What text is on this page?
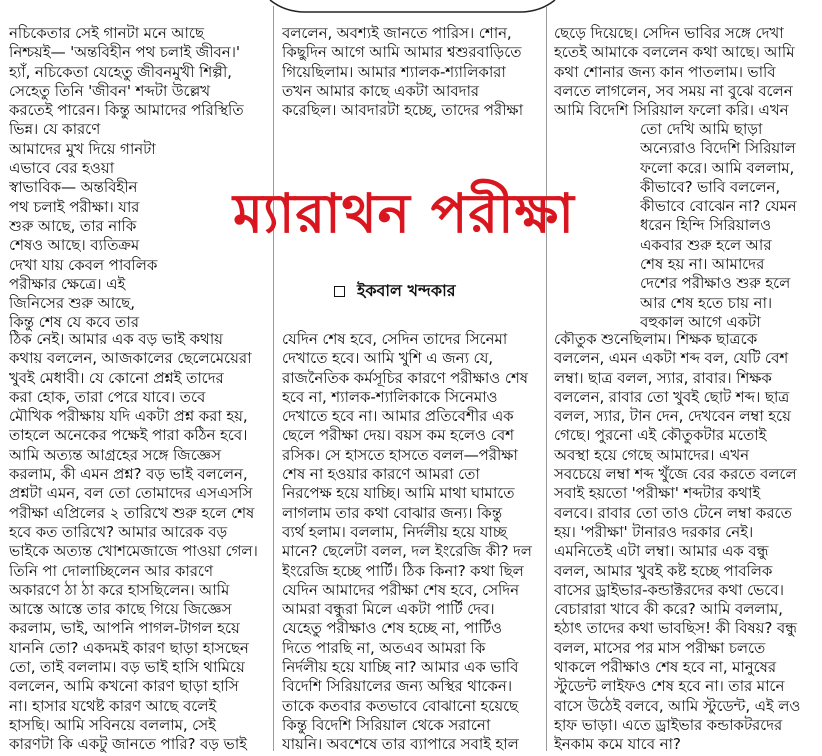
নচিকেতার সেই গানটা মনে আছে
নিশ্চয়ই— 'অন্তবিহীন পথ চলাই জীবন।'
হ্যাঁ, নচিকেতা যেহেতু জীবনমুখী শিল্পী,
সেহেতু তিনি 'জীবন' শব্দটা উল্লেখ
করতেই পারেন। কিন্তু আমাদের পরিস্থিতি
ভিন্ন। যে কারণে
আমাদের মুখ দিয়ে গানটা
এভাবে বের হওয়া
স্বাভাবিক— অন্তবিহীন
পথ চলাই পরীক্ষা। যার
শুরু আছে, তার নাকি
শেষও আছে। ব্যতিক্রম
দেখা যায় কেবল পাবলিক
পরীক্ষার ক্ষেত্রে। এই
জিনিসের শুরু আছে,
কিন্তু শেষ যে কবে তার
ঠিক নেই। আমার এক বড় ভাই কথায়
কথায় বললেন, আজকালের ছেলেমেয়েরা
খুবই মেধাবী। যে কোনো প্রশ্নই তাদের
করা হোক, তারা পেরে যাবে। তবে
মৌখিক পরীক্ষায় যদি একটা প্রশ্ন করা হয়,
তাহলে অনেকের পক্ষেই পারা কঠিন হবে।
আমি অত্যন্ত আগ্রহের সঙ্গে জিজ্ঞেস
করলাম, কী এমন প্রশ্ন? বড় ভাই বললেন,
প্রশ্নটা এমন, বল তো তোমাদের এসএসসি
পরীক্ষা এপ্রিলের ২ তারিখে শুরু হলে শেষ
হবে কত তারিখে? আমার আরেক বড়
ভাইকে অত্যন্ত খোশমেজাজে পাওয়া গেল।
তিনি পা দোলাচ্ছিলেন আর কারণে
অকারণে ঠা ঠা করে হাসছিলেন। আমি
আস্তে আস্তে তার কাছে গিয়ে জিজ্ঞেস
করলাম, ভাই, আপনি পাগল-টাগল হয়ে
যাননি তো? একদমই কারণ ছাড়া হাসছেন
তো, তাই বললাম। বড় ভাই হাসি থামিয়ে
বললেন, আমি কখনো কারণ ছাড়া হাসি
না। হাসার যথেষ্ট কারণ আছে বলেই
হাসছি। আমি সবিনয়ে বললাম, সেই
কারণটা কি একটু জানতে পারি? বড় ভাই
বললেন, অবশ্যই জানতে পারিস। শোন,
কিছুদিন আগে আমি আমার শ্বশুরবাড়িতে
গিয়েছিলাম। আমার শ্যালক-শ্যালিকারা
তখন আমার কাছে একটা আবদার
করেছিল। আবদারটা হচ্ছে, তাদের পরীক্ষা
যেদিন শেষ হবে, সেদিন তাদের সিনেমা
দেখাতে হবে। আমি খুশি এ জন্য যে,
রাজনৈতিক কর্মসূচির কারণে পরীক্ষাও শেষ
হবে না, শ্যালক-শ্যালিকাকে সিনেমাও
দেখাতে হবে না। আমার প্রতিবেশীর এক
ছেলে পরীক্ষা দেয়। বয়স কম হলেও বেশ
রসিক। সে হাসতে হাসতে বলল—পরীক্ষা
শেষ না হওয়ার কারণে আমরা তো
নিরপেক্ষ হয়ে যাচ্ছি। আমি মাথা ঘামাতে
লাগলাম তার কথা বোঝার জন্য। কিন্তু
ব্যর্থ হলাম। বললাম, নির্দলীয় হয়ে যাচ্ছ
মানে? ছেলেটা বলল, দল ইংরেজি কী? দল
ইংরেজি হচ্ছে পার্টি। ঠিক কিনা? কথা ছিল
যেদিন আমাদের পরীক্ষা শেষ হবে, সেদিন
আমরা বন্ধুরা মিলে একটা পার্টি দেব।
যেহেতু পরীক্ষাও শেষ হচ্ছে না, পার্টিও
দিতে পারছি না, অতএব আমরা কি
নির্দলীয় হয়ে যাচ্ছি না? আমার এক ভাবি
বিদেশি সিরিয়ালের জন্য অস্থির থাকেন।
তাকে কতবার কতভাবে বোঝানো হয়েছে
কিন্তু বিদেশি সিরিয়াল থেকে সরানো
যায়নি। অবশেষে তার ব্যাপারে সবাই হাল
ছেড়ে দিয়েছে। সেদিন ভাবির সঙ্গে দেখা
হতেই আমাকে বললেন কথা আছে। আমি
কথা শোনার জন্য কান পাতলাম। ভাবি
বলতে লাগলেন, সব সময় না বুঝে বলেন
আমি বিদেশি সিরিয়াল ফলো করি। এখন
তো দেখি আমি ছাড়া
অন্যেরাও বিদেশি সিরিয়াল
ফলো করে। আমি বললাম,
কীভাবে? ভাবি বললেন,
কীভাবে বোঝেন না? যেমন
ধরেন হিন্দি সিরিয়ালও
একবার শুরু হলে আর
শেষ হয় না। আমাদের
দেশের পরীক্ষাও শুরু হলে
আর শেষ হতে চায় না।
বহুকাল আগে একটা
কৌতুক শুনেছিলাম। শিক্ষক ছাত্রকে
বললেন, এমন একটা শব্দ বল, যেটি বেশ
লম্বা। ছাত্র বলল, স্যার, রাবার। শিক্ষক
বললেন, রাবার তো খুবই ছোট শব্দ। ছাত্র
বলল, স্যার, টান দেন, দেখবেন লম্বা হয়ে
গেছে। পুরনো এই কৌতুকটার মতোই
অবস্থা হয়ে গেছে আমাদের। এখন
সবচেয়ে লম্বা শব্দ খুঁজে বের করতে বললে
সবাই হয়তো 'পরীক্ষা' শব্দটার কথাই
বলবে। রাবার তো তাও টেনে লম্বা করতে
হয়। 'পরীক্ষা' টানারও দরকার নেই।
এমনিতেই এটা লম্বা। আমার এক বন্ধু
বলল, আমার খুবই কষ্ট হচ্ছে পাবলিক
বাসের ড্রাইভার-কন্ডাক্টরদের কথা ভেবে।
বেচারারা খাবে কী করে? আমি বললাম,
হঠাৎ তাদের কথা ভাবছিস! কী বিষয়? বন্ধু
বলল, মাসের পর মাস পরীক্ষা চলতে
থাকলে পরীক্ষাও শেষ হবে না, মানুষের
স্টুডেন্ট লাইফও শেষ হবে না। তার মানে
বাসে উঠেই বলবে, আমি স্টুডেন্ট, এই লও
হাফ ভাড়া। এতে ড্রাইভার কন্ডাকটরদের
ইনকাম কমে যাবে না?
ম্যারাথন পরীক্ষা
ইকবাল খন্দকার
